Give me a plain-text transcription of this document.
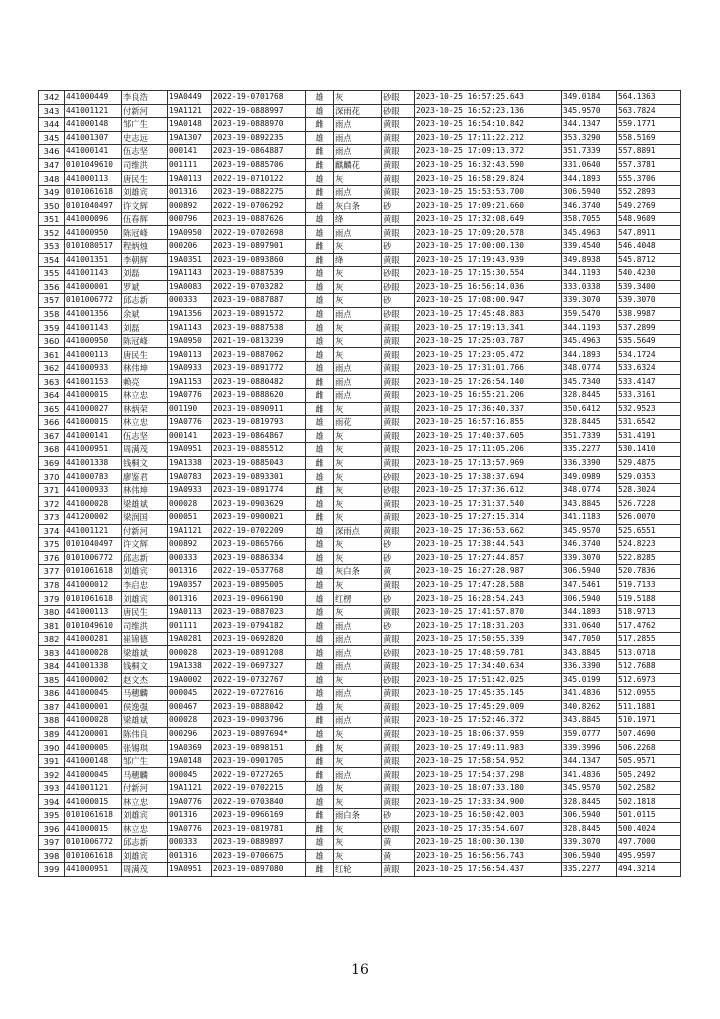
342	441000449	李良浩	19A0449	2022-19-0701768	雄	灰	砂眼	2023-10-25 16:57:25.643	349.0184	564.1363
343	441001121	付新河	19A1121	2022-19-0888997	雄	深雨花	砂眼	2023-10-25 16:52:23.136	345.9570	563.7824
344	441000148	邹广生	19A0148	2023-19-0888970	雌	雨点	黄眼	2023-10-25 16:54:10.842	344.1347	559.1771
345	441001307	史志远	19A1307	2023-19-0892235	雄	雨点	黄眼	2023-10-25 17:11:22.212	353.3290	558.5169
346	441000141	伍志坚	000141	2023-19-0864887	雌	雨点	黄眼	2023-10-25 17:09:13.372	351.7339	557.8891
347	0101049610	司维洪	001111	2023-19-0885706	雌	麒麟花	黄眼	2023-10-25 16:32:43.590	331.0640	557.3781
348	441000113	唐民生	19A0113	2022-19-0710122	雄	灰	黄眼	2023-10-25 16:58:29.824	344.1893	555.3706
349	0101061618	刘雄宾	001316	2023-19-0882275	雌	雨点	黄眼	2023-10-25 15:53:53.700	306.5940	552.2893
350	0101040497	许文辉	000892	2022-19-0706292	雄	灰白条	砂	2023-10-25 17:09:21.660	346.3740	549.2769
351	441000096	伍春辉	000796	2023-19-0887626	雄	绛	黄眼	2023-10-25 17:32:08.649	358.7055	548.9609
352	441000950	陈冠峰	19A0950	2022-19-0702698	雄	雨点	黄眼	2023-10-25 17:09:20.578	345.4963	547.8911
353	0101080517	程炳烛	000206	2023-19-0897901	雌	灰	砂	2023-10-25 17:00:00.130	339.4540	546.4048
354	441001351	李朝辉	19A0351	2023-19-0893860	雌	绛	黄眼	2023-10-25 17:19:43.939	349.8938	545.8712
355	441001143	刘磊	19A1143	2023-19-0887539	雄	灰	砂眼	2023-10-25 17:15:30.554	344.1193	540.4230
356	441000001	罗斌	19A0083	2022-19-0703282	雄	灰	砂眼	2023-10-25 16:56:14.036	333.0338	539.3400
357	0101006772	邱志新	000333	2023-19-0887887	雄	灰	砂	2023-10-25 17:08:00.947	339.3070	539.3070
358	441001356	余斌	19A1356	2023-19-0891572	雄	雨点	砂眼	2023-10-25 17:45:48.883	359.5470	538.9987
359	441001143	刘磊	19A1143	2023-19-0887538	雄	灰	黄眼	2023-10-25 17:19:13.341	344.1193	537.2899
360	441000950	陈冠峰	19A0950	2021-19-0813239	雄	灰	黄眼	2023-10-25 17:25:03.787	345.4963	535.5649
361	441000113	唐民生	19A0113	2023-19-0887062	雄	灰	黄眼	2023-10-25 17:23:05.472	344.1893	534.1724
362	441000933	林伟坤	19A0933	2023-19-0891772	雄	雨点	黄眼	2023-10-25 17:31:01.766	348.0774	533.6324
363	441001153	赖亮	19A1153	2023-19-0880482	雌	雨点	黄眼	2023-10-25 17:26:54.140	345.7340	533.4147
364	441000015	林立忠	19A0776	2023-19-0888620	雌	雨点	黄眼	2023-10-25 16:55:21.206	328.8445	533.3161
365	441000027	林炳荣	001190	2023-19-0890911	雌	灰	黄眼	2023-10-25 17:36:40.337	350.6412	532.9523
366	441000015	林立忠	19A0776	2023-19-0819793	雄	雨花	黄眼	2023-10-25 16:57:16.855	328.8445	531.6542
367	441000141	伍志坚	000141	2023-19-0864867	雄	灰	黄眼	2023-10-25 17:40:37.605	351.7339	531.4191
368	441000951	周满茂	19A0951	2023-19-0885512	雄	灰	黄眼	2023-10-25 17:11:05.206	335.2277	530.1410
369	441001338	钱桐文	19A1338	2023-19-0885043	雌	灰	黄眼	2023-10-25 17:13:57.969	336.3390	529.4875
370	441000783	廖鉴君	19A0783	2023-19-0893301	雄	灰	砂眼	2023-10-25 17:38:37.694	349.0989	529.0353
371	441000933	林伟坤	19A0933	2023-19-0891774	雌	灰	砂眼	2023-10-25 17:37:36.612	348.0774	528.3024
372	441000028	梁雄斌	000028	2023-19-0903629	雄	灰	黄眼	2023-10-25 17:31:37.540	343.8845	526.7228
373	441200002	梁润国	000051	2023-19-0900021	雌	灰	黄眼	2023-10-25 17:27:15.314	341.1183	526.0070
374	441001121	付新河	19A1121	2022-19-0702209	雄	深雨点	黄眼	2023-10-25 17:36:53.662	345.9570	525.6551
375	0101040497	许文辉	000892	2023-19-0865766	雄	灰	砂	2023-10-25 17:38:44.543	346.3740	524.8223
376	0101006772	邱志新	000333	2023-19-0886334	雄	灰	砂	2023-10-25 17:27:44.857	339.3070	522.8285
377	0101061618	刘雄宾	001316	2022-19-0537768	雄	灰白条	黄	2023-10-25 16:27:28.987	306.5940	520.7836
378	441000012	李启忠	19A0357	2023-19-0895005	雄	灰	黄眼	2023-10-25 17:47:28.588	347.5461	519.7133
379	0101061618	刘雄宾	001316	2023-19-0966190	雄	红楞	砂	2023-10-25 16:28:54.243	306.5940	519.5188
380	441000113	唐民生	19A0113	2023-19-0887023	雄	灰	黄眼	2023-10-25 17:41:57.870	344.1893	518.9713
381	0101049610	司维洪	001111	2023-19-0794182	雄	雨点	砂	2023-10-25 17:18:31.203	331.0640	517.4762
382	441000281	崔锦德	19A0281	2023-19-0692820	雄	雨点	黄眼	2023-10-25 17:50:55.339	347.7050	517.2855
383	441000028	梁雄斌	000028	2023-19-0891208	雄	雨点	砂眼	2023-10-25 17:48:59.781	343.8845	513.0718
384	441001338	钱桐文	19A1338	2022-19-0697327	雄	雨点	黄眼	2023-10-25 17:34:40.634	336.3390	512.7688
385	441000002	赵文杰	19A0002	2022-19-0732767	雄	灰	砂眼	2023-10-25 17:51:42.025	345.0199	512.6973
386	441000045	马穗麟	000045	2022-19-0727616	雄	雨点	黄眼	2023-10-25 17:45:35.145	341.4836	512.0955
387	441000001	侯逸强	000467	2023-19-0888042	雄	灰	黄眼	2023-10-25 17:45:29.009	340.8262	511.1881
388	441000028	梁雄斌	000028	2023-19-0903796	雌	雨点	黄眼	2023-10-25 17:52:46.372	343.8845	510.1971
389	441200001	陈伟良	000296	2023-19-0897694*	雄	灰	黄眼	2023-10-25 18:06:37.959	359.0777	507.4690
390	441000005	张锡琪	19A0369	2023-19-0898151	雌	灰	黄眼	2023-10-25 17:49:11.983	339.3996	506.2268
391	441000148	邹广生	19A0148	2023-19-0901705	雌	灰	黄眼	2023-10-25 17:58:54.952	344.1347	505.9571
392	441000045	马穗麟	000045	2022-19-0727265	雌	雨点	黄眼	2023-10-25 17:54:37.298	341.4836	505.2492
393	441001121	付新河	19A1121	2022-19-0702215	雄	灰	黄眼	2023-10-25 18:07:33.180	345.9570	502.2582
394	441000015	林立忠	19A0776	2022-19-0703840	雄	灰	黄眼	2023-10-25 17:33:34.900	328.8445	502.1818
395	0101061618	刘雄宾	001316	2023-19-0966169	雌	雨白条	砂	2023-10-25 16:50:42.003	306.5940	501.0115
396	441000015	林立忠	19A0776	2023-19-0819781	雌	灰	砂眼	2023-10-25 17:35:54.607	328.8445	500.4024
397	0101006772	邱志新	000333	2023-19-0889897	雄	灰	黄	2023-10-25 18:00:30.130	339.3070	497.7000
398	0101061618	刘雄宾	001316	2023-19-0706675	雄	灰	黄	2023-10-25 16:56:56.743	306.5940	495.9597
399	441000951	周满茂	19A0951	2023-19-0897080	雌	红轮	黄眼	2023-10-25 17:56:54.437	335.2277	494.3214
16
